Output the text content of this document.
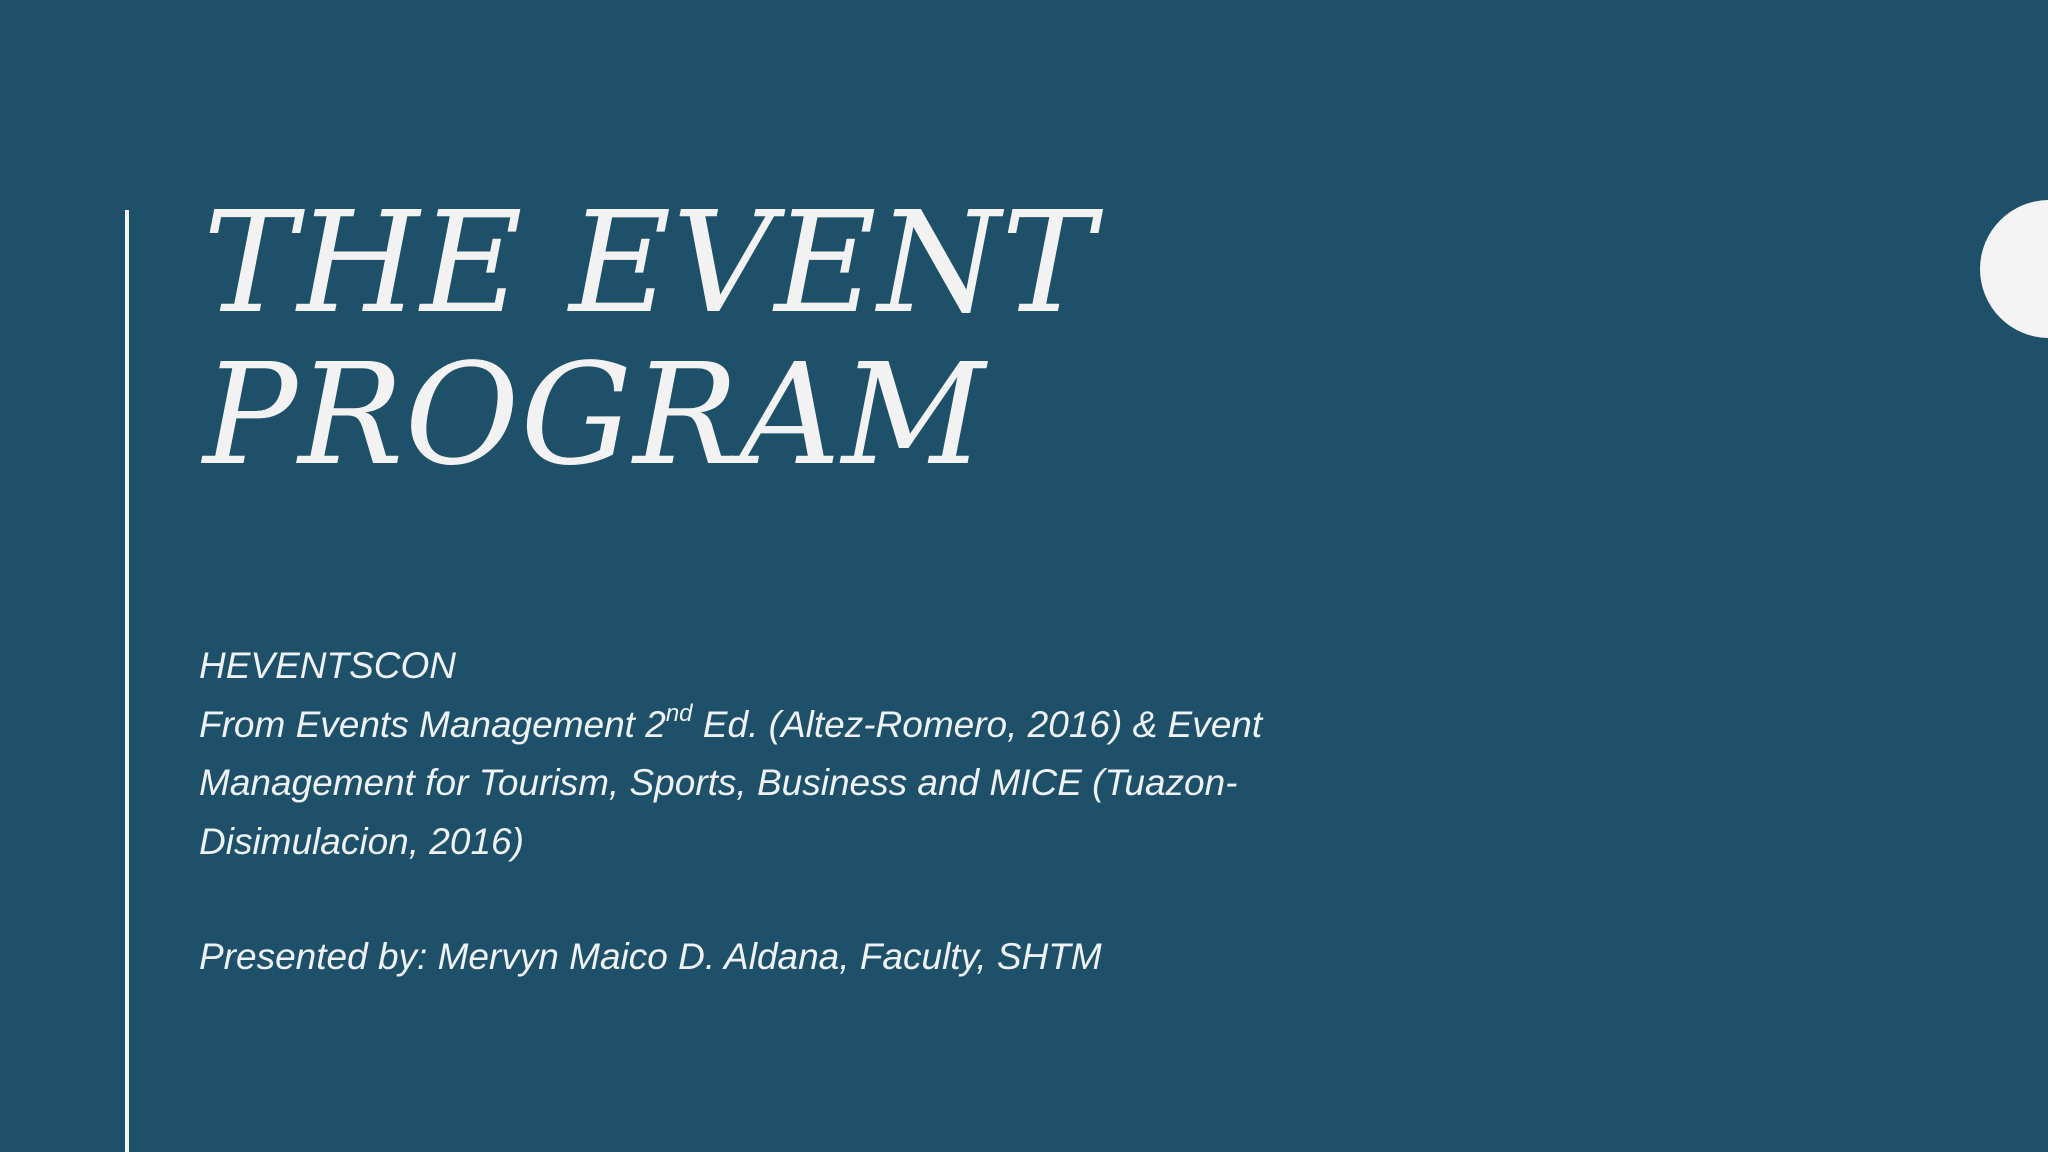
THE EVENT
PROGRAM
HEVENTSCON
From Events Management 2nd Ed. (Altez-Romero, 2016) & Event
Management for Tourism, Sports, Business and MICE (Tuazon-
Disimulacion, 2016)
Presented by: Mervyn Maico D. Aldana, Faculty, SHTM
